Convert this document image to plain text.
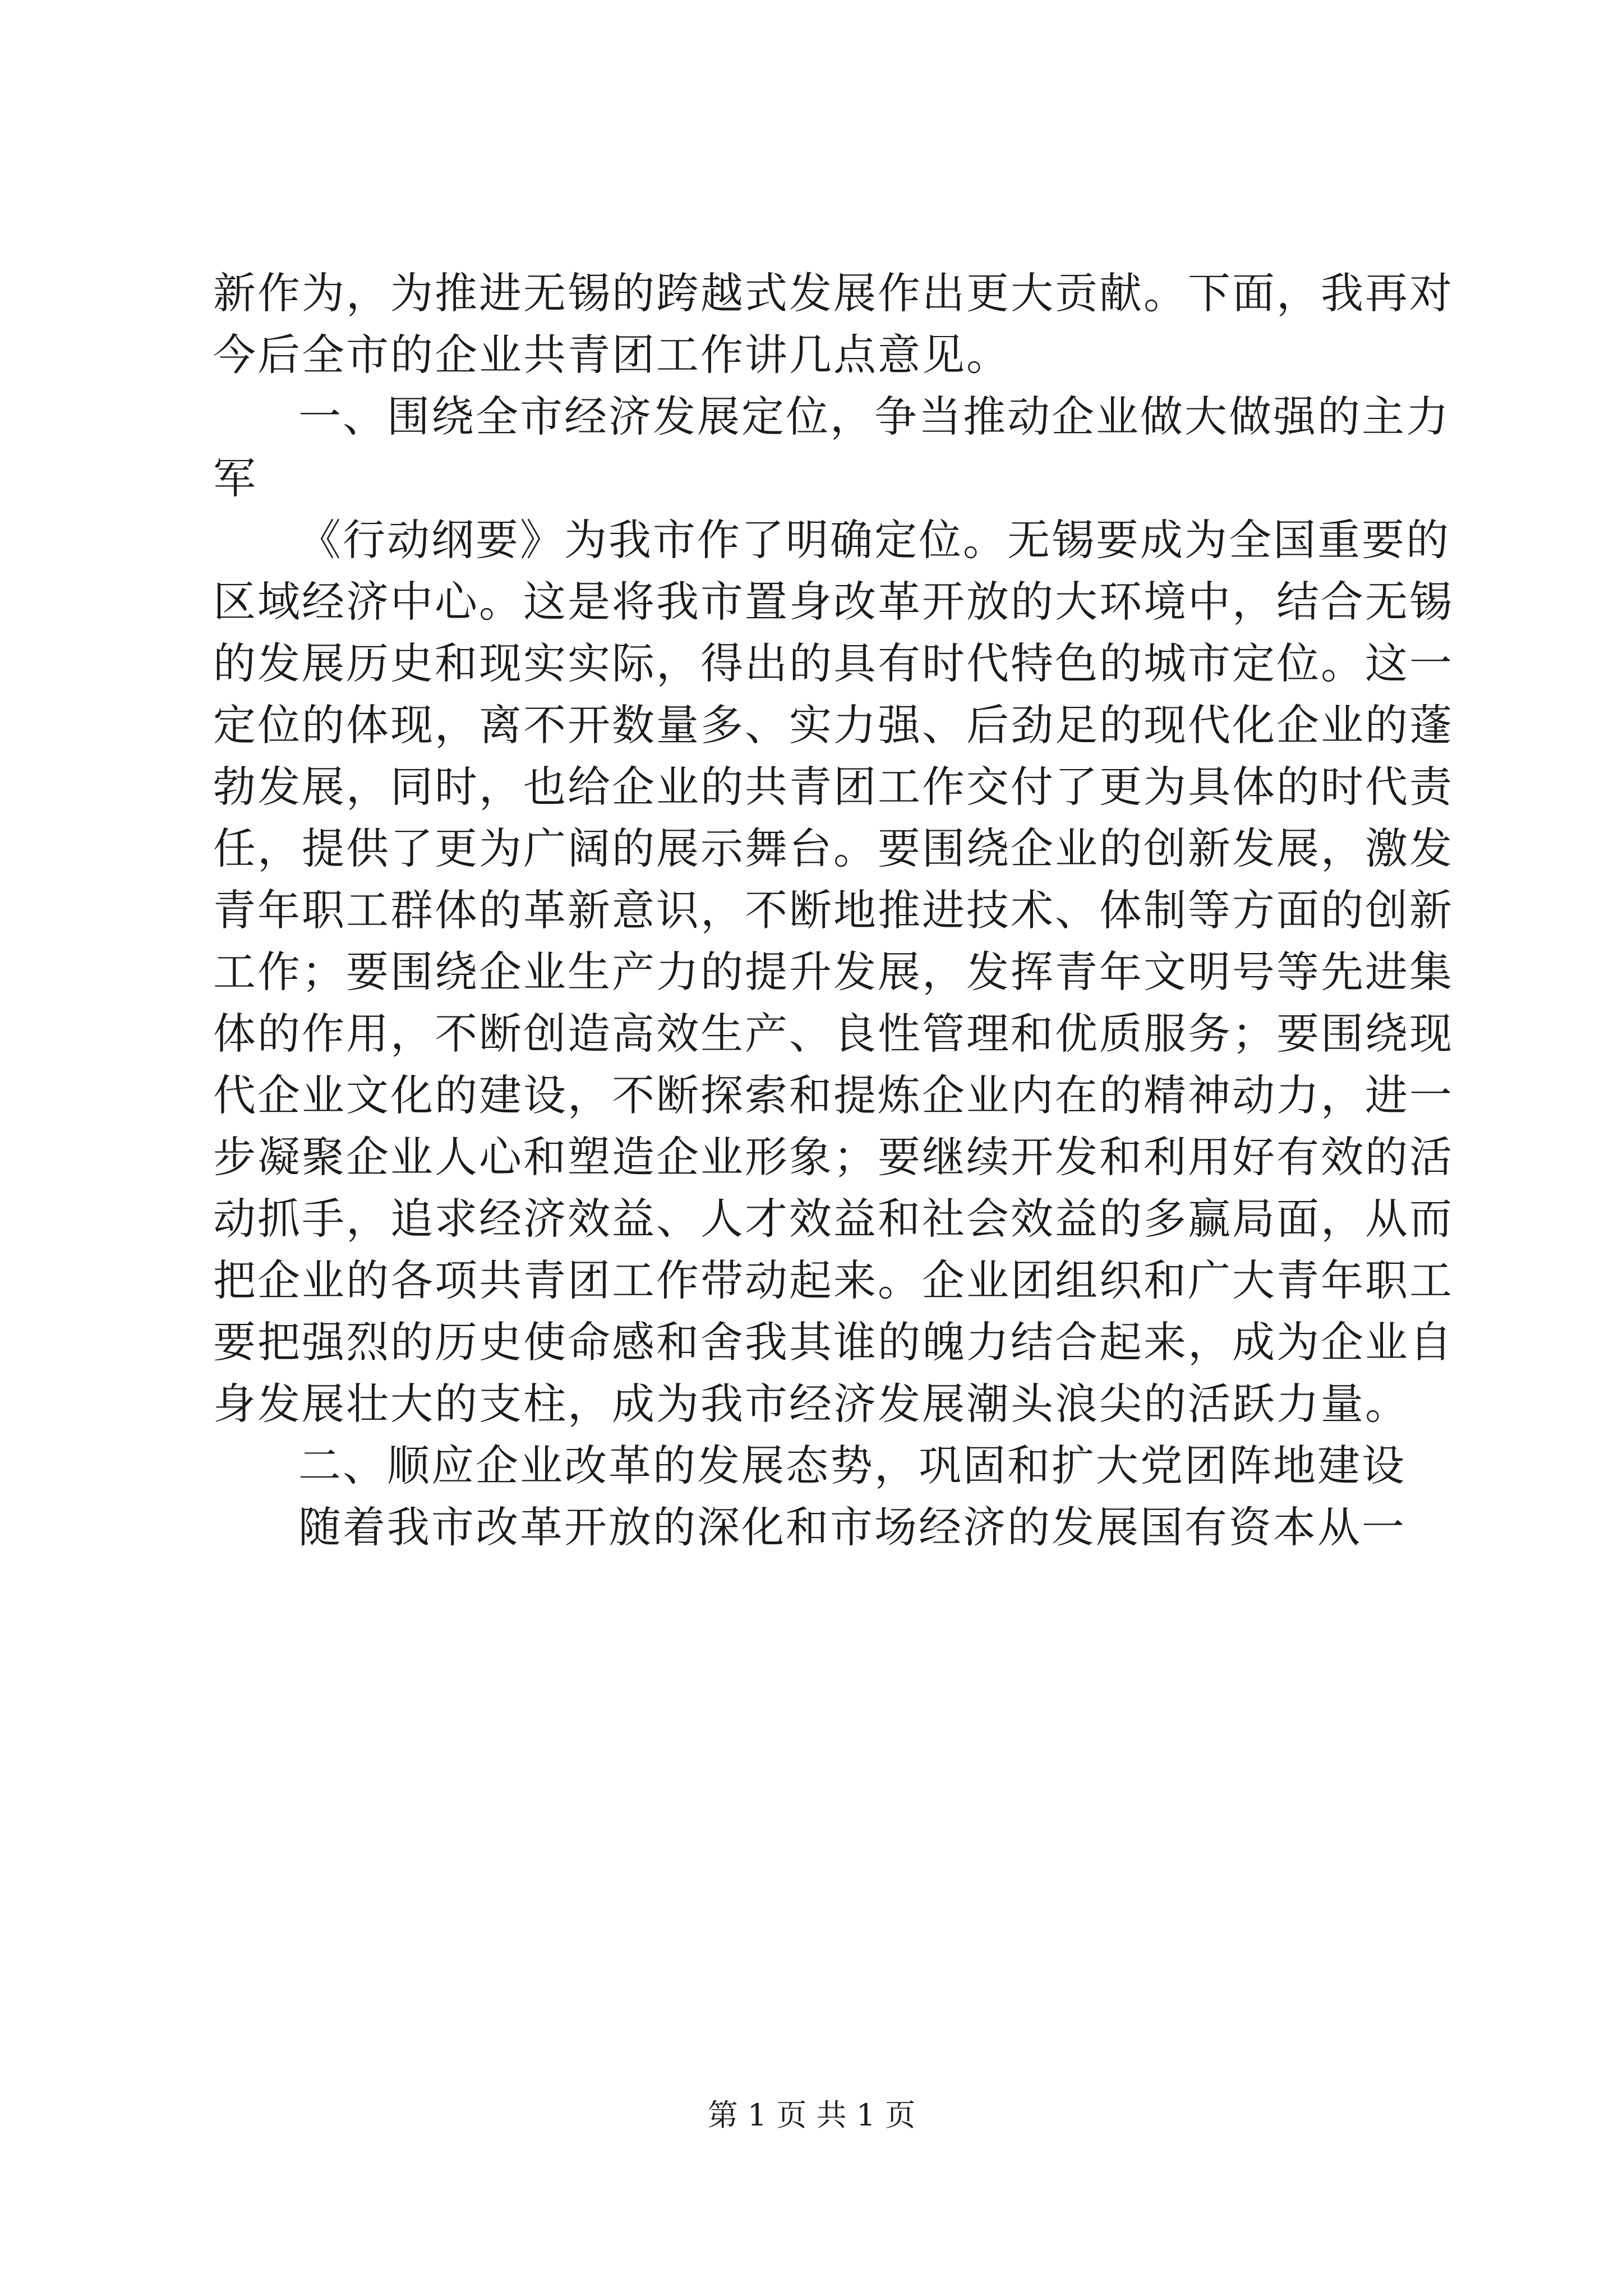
新作为，为推进无锡的跨越式发展作出更大贡献。下面，我再对

今后全市的企业共青团工作讲几点意见。

一、围绕全市经济发展定位，争当推动企业做大做强的主力

军

《行动纲要》为我市作了明确定位。无锡要成为全国重要的

区域经济中心。这是将我市置身改革开放的大环境中，结合无锡

的发展历史和现实实际，得出的具有时代特色的城市定位。这一

定位的体现，离不开数量多、实力强、后劲足的现代化企业的蓬

勃发展，同时，也给企业的共青团工作交付了更为具体的时代责

任，提供了更为广阔的展示舞台。要围绕企业的创新发展，激发

青年职工群体的革新意识，不断地推进技术、体制等方面的创新

工作；要围绕企业生产力的提升发展，发挥青年文明号等先进集

体的作用，不断创造高效生产、良性管理和优质服务；要围绕现

代企业文化的建设，不断探索和提炼企业内在的精神动力，进一

步凝聚企业人心和塑造企业形象；要继续开发和利用好有效的活

动抓手，追求经济效益、人才效益和社会效益的多赢局面，从而

把企业的各项共青团工作带动起来。企业团组织和广大青年职工

要把强烈的历史使命感和舍我其谁的魄力结合起来，成为企业自

身发展壮大的支柱，成为我市经济发展潮头浪尖的活跃力量。

二、顺应企业改革的发展态势，巩固和扩大党团阵地建设

随着我市改革开放的深化和市场经济的发展国有资本从一

第 1 页 共 1 页
